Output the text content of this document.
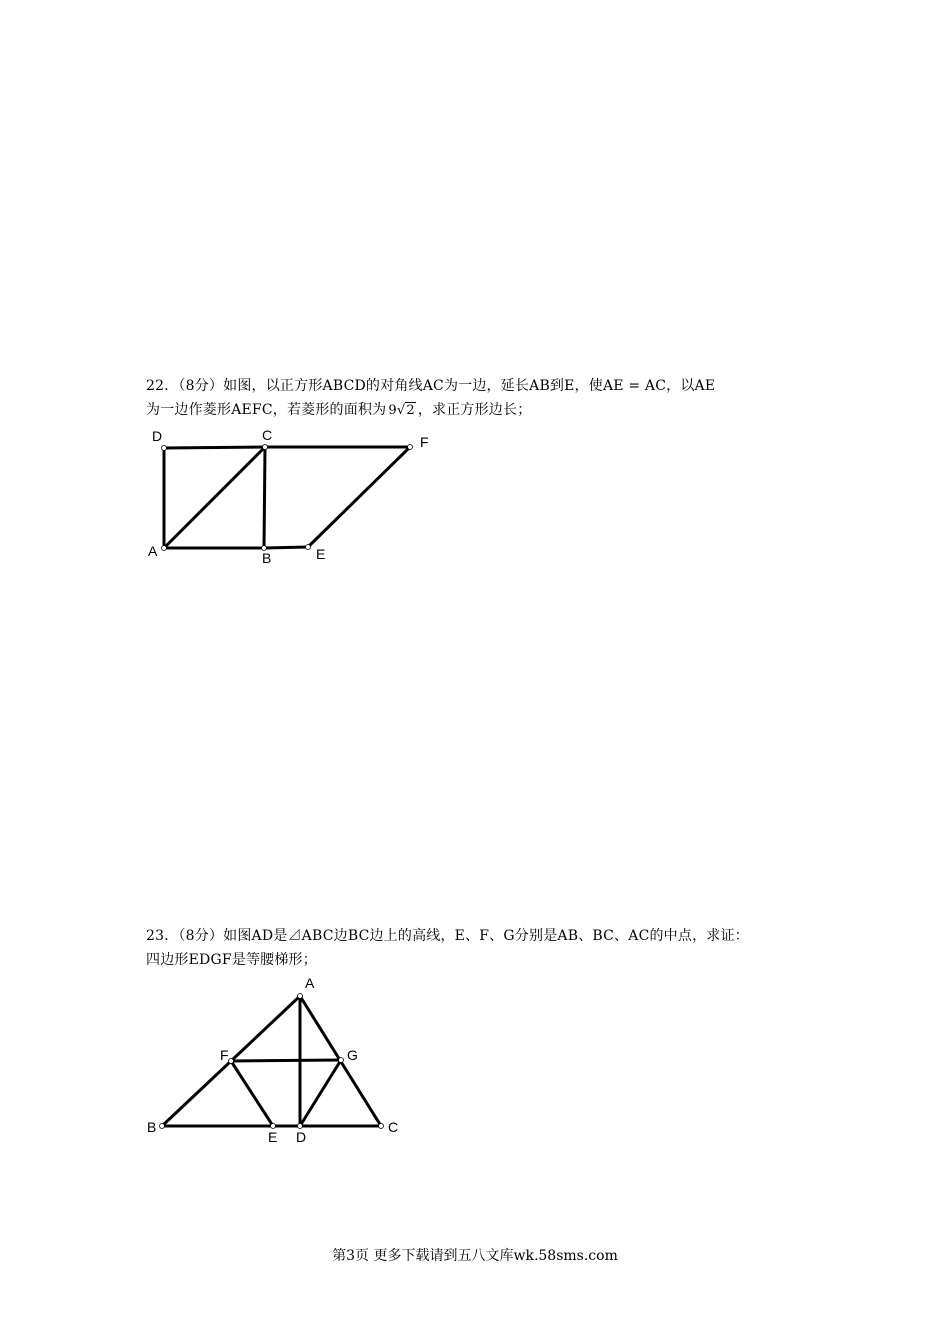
22．（8分）如图，以正方形ABCD的对角线AC为一边，延长AB到E，使AE = AC，以AE
为一边作菱形AEFC，若菱形的面积为 9√2 ，求正方形边长；
D	C	F
A	B	E
23．（8分）如图AD是⊿ABC边BC边上的高线，E、F、G分别是AB、BC、AC的中点，求证：
四边形EDGF是等腰梯形；
A
F	G
B
E D
C
第3页 更多下载请到五八文库wk.58sms.com
